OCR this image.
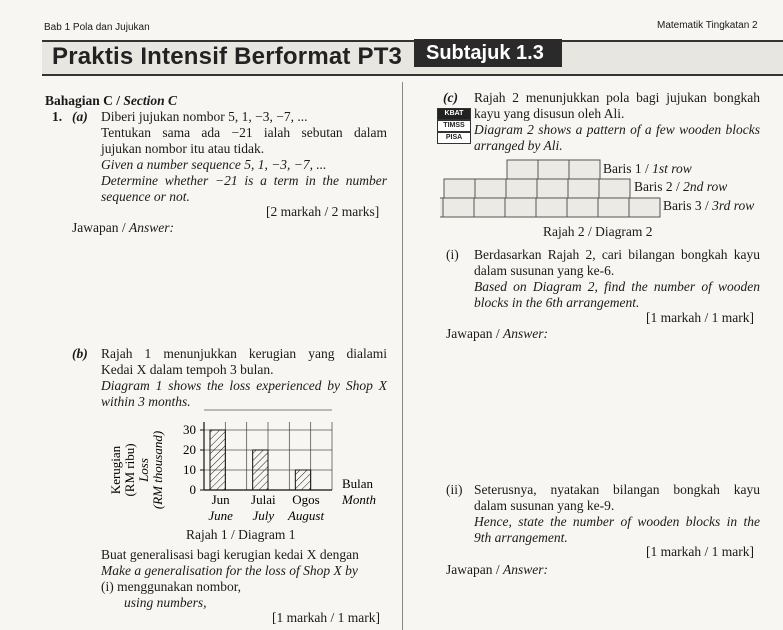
Bab 1 Pola dan Jujukan	Matematik Tingkatan 2
Praktis Intensif Berformat PT3	Subtajuk 1.3
Bahagian C / Section C
1. (a) Diberi jujukan nombor 5, 1, −3, −7, ...
Tentukan sama ada −21 ialah sebutan dalam
jujukan nombor itu atau tidak.
Given a number sequence 5, 1, −3, −7, ...
Determine whether −21 is a term in the number
sequence or not.
[2 markah / 2 marks]
Jawapan / Answer:
(b) Rajah 1 menunjukkan kerugian yang dialami
Kedai X dalam tempoh 3 bulan.
Diagram 1 shows the loss experienced by Shop X
within 3 months.
Kerugian (RM ribu) Loss (RM thousand) 0
10
20
30
Jun
June
Julai
July
Ogos
August
Bulan
Month
Rajah 1 / Diagram 1
Buat generalisasi bagi kerugian kedai X dengan
Make a generalisation for the loss of Shop X by
(i) menggunakan nombor,
using numbers,
[1 markah / 1 mark]
(c) Rajah 2 menunjukkan pola bagi jujukan bongkah
kayu yang disusun oleh Ali.
Diagram 2 shows a pattern of a few wooden blocks
arranged by Ali.
KBAT
TIMSS
PISA
Baris 1 / 1st row
Baris 2 / 2nd row
Baris 3 / 3rd row
Rajah 2 / Diagram 2
(i) Berdasarkan Rajah 2, cari bilangan bongkah kayu
dalam susunan yang ke-6.
Based on Diagram 2, find the number of wooden
blocks in the 6th arrangement.
[1 markah / 1 mark]
Jawapan / Answer:
(ii) Seterusnya, nyatakan bilangan bongkah kayu
dalam susunan yang ke-9.
Hence, state the number of wooden blocks in the
9th arrangement.
[1 markah / 1 mark]
Jawapan / Answer:
